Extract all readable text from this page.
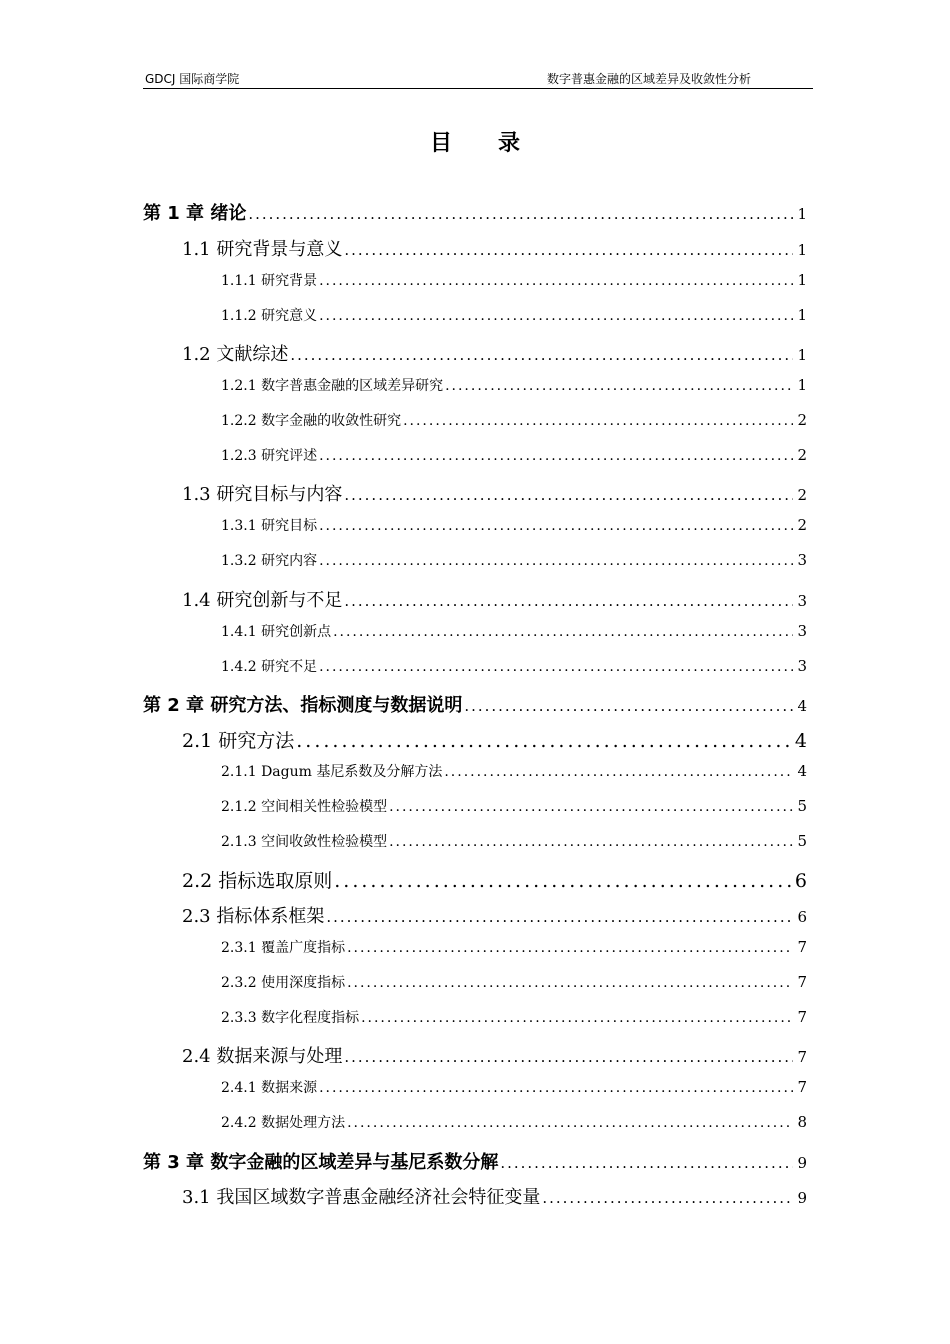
GDCJ 国际商学院	数字普惠金融的区域差异及收敛性分析
目录
第 1 章 绪论 .....	1
1.1 研究背景与意义 .....	1
1.1.1 研究背景 .....	1
1.1.2 研究意义 .....	1
1.2 文献综述 .....	1
1.2.1 数字普惠金融的区域差异研究 .....	1
1.2.2 数字金融的收敛性研究 .....	2
1.2.3 研究评述 .....	2
1.3 研究目标与内容 .....	2
1.3.1 研究目标 .....	2
1.3.2 研究内容 .....	3
1.4 研究创新与不足 .....	3
1.4.1 研究创新点 .....	3
1.4.2 研究不足 .....	3
第 2 章 研究方法、指标测度与数据说明 .....	4
2.1 研究方法 .....	4
2.1.1 Dagum 基尼系数及分解方法 .....	4
2.1.2 空间相关性检验模型 .....	5
2.1.3 空间收敛性检验模型 .....	5
2.2 指标选取原则 .....	6
2.3 指标体系框架 .....	6
2.3.1 覆盖广度指标 .....	7
2.3.2 使用深度指标 .....	7
2.3.3 数字化程度指标 .....	7
2.4 数据来源与处理 .....	7
2.4.1 数据来源 .....	7
2.4.2 数据处理方法 .....	8
第 3 章 数字金融的区域差异与基尼系数分解 .....	9
3.1 我国区域数字普惠金融经济社会特征变量 .....	9
